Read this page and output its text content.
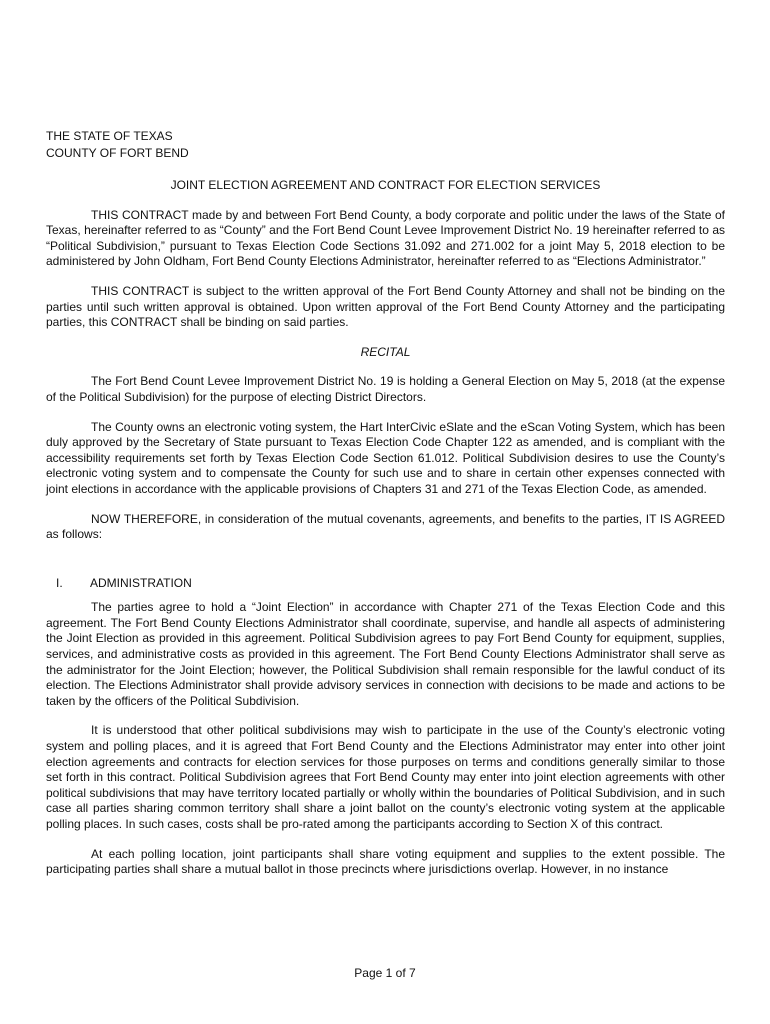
THE STATE OF TEXAS

COUNTY OF FORT BEND

JOINT ELECTION AGREEMENT AND CONTRACT FOR ELECTION SERVICES

THIS CONTRACT made by and between Fort Bend County, a body corporate and politic under the laws of the State of Texas, hereinafter referred to as “County” and the Fort Bend Count Levee Improvement District No. 19 hereinafter referred to as “Political Subdivision,” pursuant to Texas Election Code Sections 31.092 and 271.002 for a joint May 5, 2018 election to be administered by John Oldham, Fort Bend County Elections Administrator, hereinafter referred to as “Elections Administrator.”

THIS CONTRACT is subject to the written approval of the Fort Bend County Attorney and shall not be binding on the parties until such written approval is obtained. Upon written approval of the Fort Bend County Attorney and the participating parties, this CONTRACT shall be binding on said parties.

RECITAL

The Fort Bend Count Levee Improvement District No. 19 is holding a General Election on May 5, 2018 (at the expense of the Political Subdivision) for the purpose of electing District Directors.

The County owns an electronic voting system, the Hart InterCivic eSlate and the eScan Voting System, which has been duly approved by the Secretary of State pursuant to Texas Election Code Chapter 122 as amended, and is compliant with the accessibility requirements set forth by Texas Election Code Section 61.012. Political Subdivision desires to use the County’s electronic voting system and to compensate the County for such use and to share in certain other expenses connected with joint elections in accordance with the applicable provisions of Chapters 31 and 271 of the Texas Election Code, as amended.

NOW THEREFORE, in consideration of the mutual covenants, agreements, and benefits to the parties, IT IS AGREED as follows:

I.	ADMINISTRATION

The parties agree to hold a “Joint Election” in accordance with Chapter 271 of the Texas Election Code and this agreement. The Fort Bend County Elections Administrator shall coordinate, supervise, and handle all aspects of administering the Joint Election as provided in this agreement. Political Subdivision agrees to pay Fort Bend County for equipment, supplies, services, and administrative costs as provided in this agreement. The Fort Bend County Elections Administrator shall serve as the administrator for the Joint Election; however, the Political Subdivision shall remain responsible for the lawful conduct of its election. The Elections Administrator shall provide advisory services in connection with decisions to be made and actions to be taken by the officers of the Political Subdivision.

It is understood that other political subdivisions may wish to participate in the use of the County’s electronic voting system and polling places, and it is agreed that Fort Bend County and the Elections Administrator may enter into other joint election agreements and contracts for election services for those purposes on terms and conditions generally similar to those set forth in this contract. Political Subdivision agrees that Fort Bend County may enter into joint election agreements with other political subdivisions that may have territory located partially or wholly within the boundaries of Political Subdivision, and in such case all parties sharing common territory shall share a joint ballot on the county’s electronic voting system at the applicable polling places. In such cases, costs shall be pro-rated among the participants according to Section X of this contract.

At each polling location, joint participants shall share voting equipment and supplies to the extent possible. The participating parties shall share a mutual ballot in those precincts where jurisdictions overlap. However, in no instance

Page 1 of 7
